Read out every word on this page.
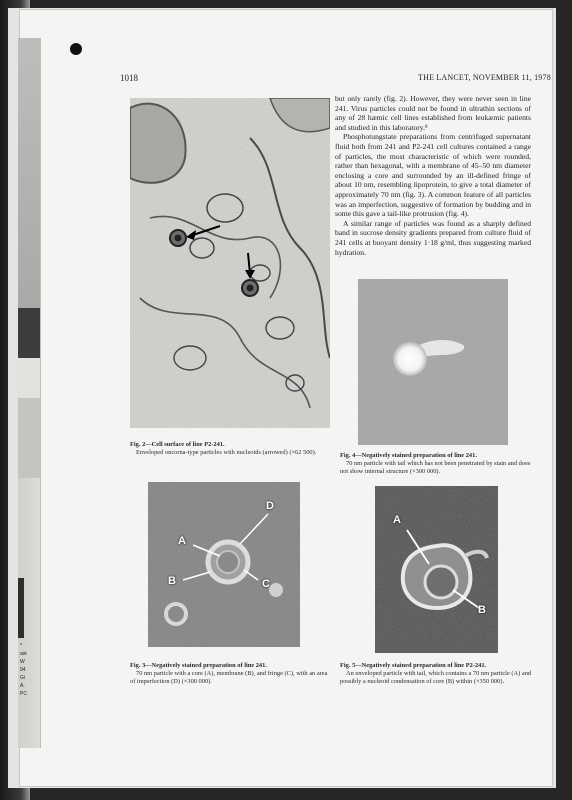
*
ast
W
94
Gi
A.
PC
1018	THE LANCET, NOVEMBER 11, 1978
Fig. 2—Cell surface of line P2-241.
Enveloped oncorna-type particles with nucleoids (arrowed) (×62 500).

but only rarely (fig. 2). However, they were never seen in line 241. Virus particles could not be found in ultrathin sections of any of 28 hæmic cell lines established from leukæmic patients and studied in this laboratory.⁸

Phosphotungstate preparations from centrifuged supernatant fluid both from 241 and P2-241 cell cultures contained a range of particles, the most characteristic of which were rounded, rather than hexagonal, with a membrane of 45–50 nm diameter enclosing a core and surrounded by an ill-defined fringe of about 10 nm, resembling lipoprotein, to give a total diameter of approximately 70 nm (fig. 3). A common feature of all particles was an imperfection, suggestive of formation by budding and in some this gave a tail-like protrusion (fig. 4).

A similar range of particles was found as a sharply defined band in sucrose density gradients prepared from culture fluid of 241 cells at buoyant density 1·18 g/ml, thus suggesting marked hydration.

Fig. 4—Negatively stained preparation of line 241.
70 nm particle with tail which has not been penetrated by stain and does not show internal structure (×300 000).
A
B	C
D
Fig. 3—Negatively stained preparation of line 241.
70 nm particle with a core (A), membrane (B), and fringe (C), with an area of imperfection (D) (×300 000).
A
B
Fig. 5—Negatively stained preparation of line P2-241.
An enveloped particle with tail, which contains a 70 nm particle (A) and possibly a nucleoid condensation of core (B) within (×350 000).
